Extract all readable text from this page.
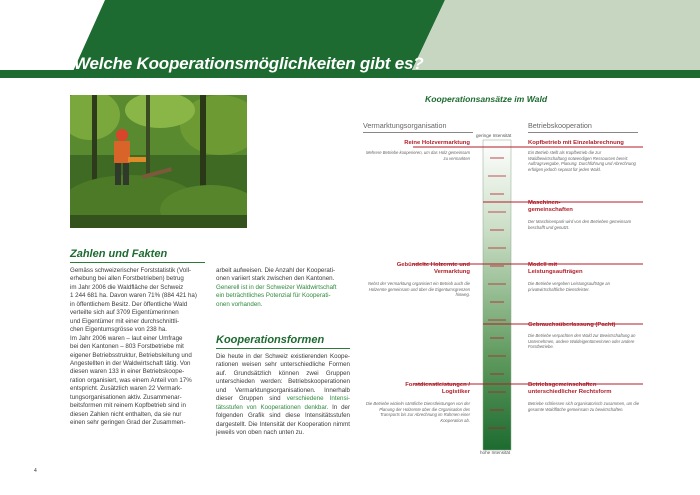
Welche Kooperationsmöglichkeiten gibt es?
Zahlen und Fakten

Gemäss schweizerischer Forststatistik (Voll-

erhebung bei allen Forstbetrieben) betrug

im Jahr 2006 die Waldfläche der Schweiz

1 244 681 ha. Davon waren 71% (884 421 ha)

in öffentlichem Besitz. Der öffentliche Wald

verteilte sich auf 3709 Eigentümerinnen

und Eigentümer mit einer durchschnittli-

chen Eigentumsgrösse von 238 ha.

Im Jahr 2006 waren – laut einer Umfrage

bei den Kantonen – 803 Forstbetriebe mit

eigener Betriebsstruktur, Betriebsleitung und

Angestellten in der Waldwirtschaft tätig. Von

diesen waren 133 in einer Betriebskoope-

ration organisiert, was einem Anteil von 17%

entspricht. Zusätzlich waren 22 Vermark-

tungsorganisationen aktiv. Zusammenar-

beitsformen mit reinem Kopfbetrieb sind in

diesen Zahlen nicht enthalten, da sie nur

einen sehr geringen Grad der Zusammen-

arbeit aufweisen. Die Anzahl der Kooperati-

onen variiert stark zwischen den Kantonen.

Generell ist in der Schweizer Waldwirtschaft

ein beträchtliches Potenzial für Kooperati-

onen vorhanden.

Kooperationsformen
Die heute in der Schweiz existierenden Koope- rationen weisen sehr unterschiedliche Formen auf. Grundsätzlich können zwei Gruppen unterschieden werden: Betriebskooperationen und Vermarktungsorganisationen. Innerhalb dieser Gruppen sind verschiedene Intensi- tätsstufen von Kooperationen denkbar. In der folgenden Grafik sind diese Intensitätsstufen dargestellt. Die Intensität der Kooperation nimmt jeweils von oben nach unten zu.
Kooperationsansätze im Wald
Vermarktungsorganisation	Betriebskooperation
geringe Intensität
hohe Intensität
Reine Holzvermarktung
Mehrere Betriebe kooperieren, um das Holz gemeinsam zu vermarkten
Gebündelte Holzernte und Vermarktung
Nebst der Vermarktung organisiert ein Betrieb auch die Holzernte gemeinsam und über die Eigentumsgrenzen hinweg.
Forstdienstleistungen / Logistiker
Die Betriebe wickeln sämtliche Dienstleistungen von der Planung der Holzernte über die Organisation des Transports bis zur Abrechnung im Rahmen einer Kooperation ab.
Kopfbetrieb mit Einzelabrechnung
Ein Betrieb stellt als Kopfbetrieb die zur Waldbewirtschaftung notwendigen Ressourcen bereit: Auftragsvergabe, Planung. Durchführung und Abrechnung erfolgen jedoch separat für jeden Wald.
Maschinen-gemeinschaften
Der Maschinenpark wird von den Betrieben gemeinsam beschafft und genutzt.
Modell mit Leistungsaufträgen
Die Betriebe vergeben Leistungsaufträge an privatwirtschaftliche Dienstleister.
Gebrauchsüberlassung (Pacht)
Die Betriebe verpachten den Wald zur Bewirtschaftung an Unternehmen, andere Waldeigentümerinnen oder andere Forstbetriebe.
Betriebsgemeinschaften unterschiedlicher Rechtsform
Betriebe schliessen sich organisatorisch zusammen, um die gesamte Waldfläche gemeinsam zu bewirtschaften.
4
